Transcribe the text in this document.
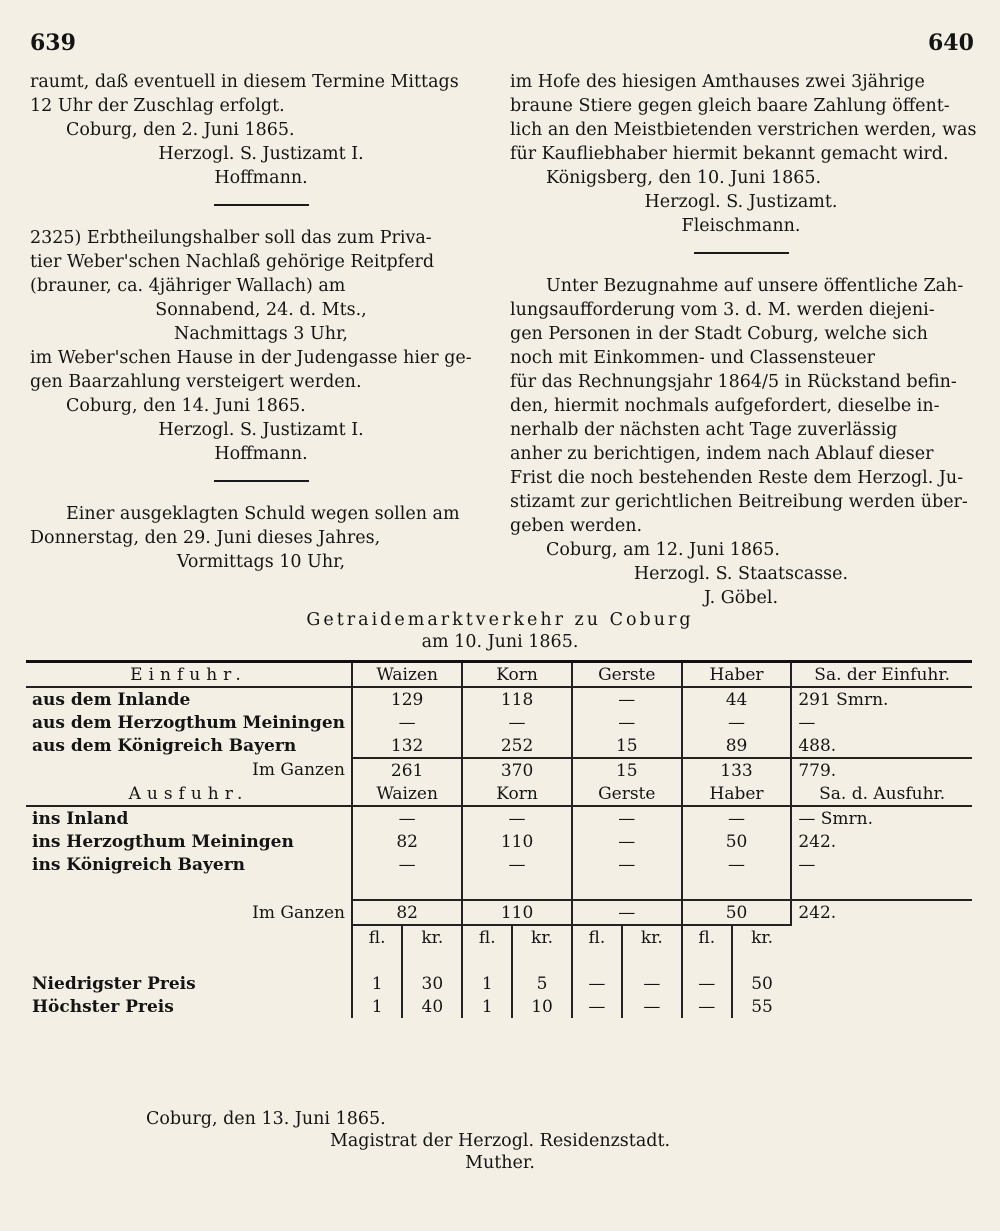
639	640

raumt, daß eventuell in diesem Termine Mittags

12 Uhr der Zuschlag erfolgt.

Coburg, den 2. Juni 1865.

Herzogl. S. Justizamt I.

Hoffmann.

2325) Erbtheilungshalber soll das zum Priva-

tier Weber'schen Nachlaß gehörige Reitpferd

(brauner, ca. 4jähriger Wallach) am

Sonnabend, 24. d. Mts.,

Nachmittags 3 Uhr,

im Weber'schen Hause in der Judengasse hier ge-

gen Baarzahlung versteigert werden.

Coburg, den 14. Juni 1865.

Herzogl. S. Justizamt I.

Hoffmann.

Einer ausgeklagten Schuld wegen sollen am

Donnerstag, den 29. Juni dieses Jahres,

Vormittags 10 Uhr,

im Hofe des hiesigen Amthauses zwei 3jährige

braune Stiere gegen gleich baare Zahlung öffent-

lich an den Meistbietenden verstrichen werden, was

für Kaufliebhaber hiermit bekannt gemacht wird.

Königsberg, den 10. Juni 1865.

Herzogl. S. Justizamt.

Fleischmann.

Unter Bezugnahme auf unsere öffentliche Zah-

lungsaufforderung vom 3. d. M. werden diejeni-

gen Personen in der Stadt Coburg, welche sich

noch mit Einkommen- und Classensteuer

für das Rechnungsjahr 1864/5 in Rückstand befin-

den, hiermit nochmals aufgefordert, dieselbe in-

nerhalb der nächsten acht Tage zuverlässig

anher zu berichtigen, indem nach Ablauf dieser

Frist die noch bestehenden Reste dem Herzogl. Ju-

stizamt zur gerichtlichen Beitreibung werden über-

geben werden.

Coburg, am 12. Juni 1865.

Herzogl. S. Staatscasse.

J. Göbel.

Getraidemarktverkehr zu Coburg
am 10. Juni 1865.
Einfuhr.	Waizen		Korn		Gerste		Haber		Sa. der Einfuhr.
aus dem Inlande	129		118		—		44		291 Smrn.
aus dem Herzogthum Meiningen	—		—		—		—		—
aus dem Königreich Bayern	132		252		15		89		488.
Im Ganzen	261		370		15		133		779.
Ausfuhr.	Waizen		Korn		Gerste		Haber		Sa. d. Ausfuhr.
ins Inland	—		—		—		—		— Smrn.
ins Herzogthum Meiningen	82		110		—		50		242.
ins Königreich Bayern	—		—		—		—		—

Im Ganzen	82		110		—		50		242.
	fl.	kr.	fl.	kr.	fl.	kr.	fl.	kr.	

Niedrigster Preis	1	30	1	5	—	—	—	50	
Höchster Preis	1	40	1	10	—	—	—	55	
Coburg, den 13. Juni 1865.
Magistrat der Herzogl. Residenzstadt.
Muther.
